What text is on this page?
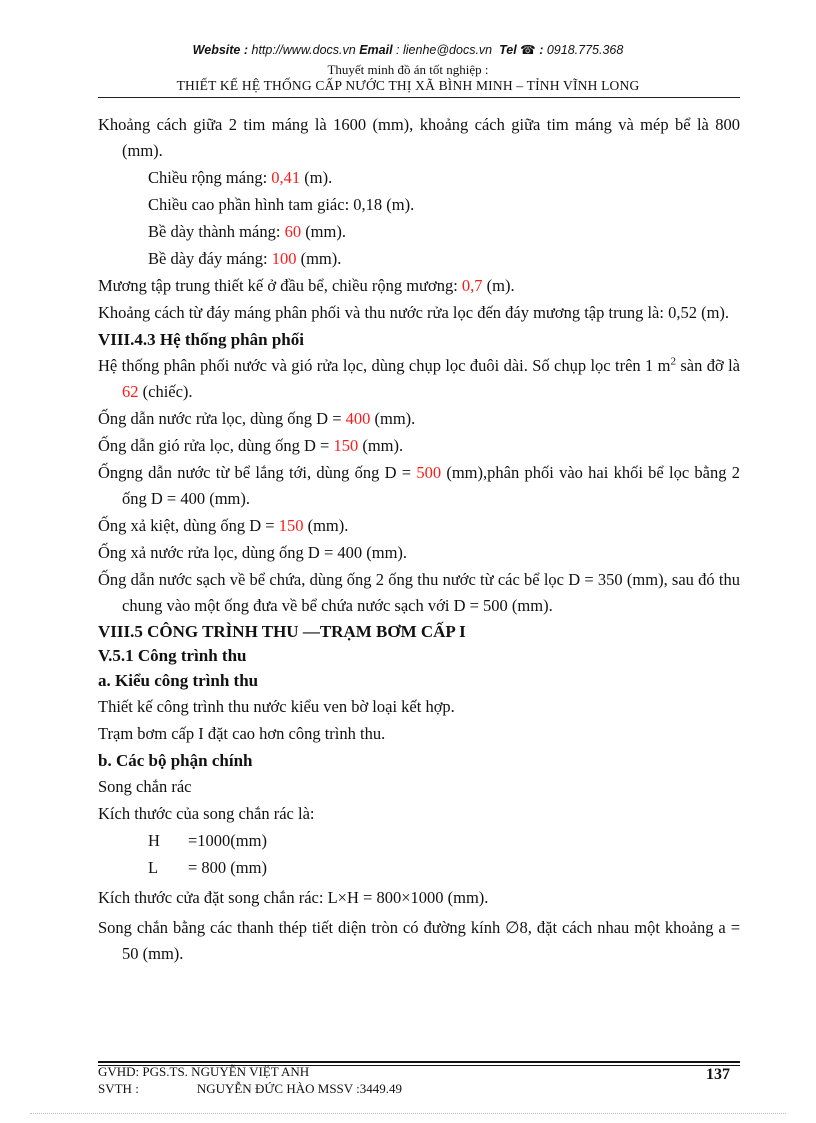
Website : http://www.docs.vn Email : lienhe@docs.vn Tel ☎ : 0918.775.368
Thuyết minh đồ án tốt nghiệp :
THIẾT KẾ HỆ THỐNG CẤP NƯỚC THỊ XÃ BÌNH MINH – TỈNH VĨNH LONG

Khoảng cách giữa 2 tim máng là 1600 (mm), khoảng cách giữa tim máng và mép bể là 800 (mm).

Chiều rộng máng: 0,41 (m).

Chiều cao phần hình tam giác: 0,18 (m).

Bề dày thành máng: 60 (mm).

Bề dày đáy máng: 100 (mm).

Mương tập trung thiết kế ở đầu bể, chiều rộng mương: 0,7 (m).

Khoảng cách từ đáy máng phân phối và thu nước rửa lọc đến đáy mương tập trung là: 0,52 (m).

VIII.4.3 Hệ thống phân phối

Hệ thống phân phối nước và gió rửa lọc, dùng chụp lọc đuôi dài. Số chụp lọc trên 1 $m^2$ sàn đỡ là 62 (chiếc).

Ống dẫn nước rửa lọc, dùng ống D = 400 (mm).

Ống dẫn gió rửa lọc, dùng ống D = 150 (mm).

Ốngng dẫn nước từ bể lắng tới, dùng ống D = 500 (mm),phân phối vào hai khối bể lọc bằng 2 ống D = 400 (mm).

Ống xả kiệt, dùng ống D = 150 (mm).

Ống xả nước rửa lọc, dùng ống D = 400 (mm).

Ống dẫn nước sạch về bể chứa, dùng ống 2 ống thu nước từ các bể lọc D = 350 (mm), sau đó thu chung vào một ống đưa về bể chứa nước sạch với D = 500 (mm).

VIII.5 CÔNG TRÌNH THU —TRẠM BƠM CẤP I

V.5.1 Công trình thu

a. Kiểu công trình thu

Thiết kế công trình thu nước kiểu ven bờ loại kết hợp.

Trạm bơm cấp I đặt cao hơn công trình thu.

b. Các bộ phận chính

Song chắn rác

Kích thước của song chắn rác là:

H =1000(mm)

L = 800 (mm)

Kích thước cửa đặt song chắn rác: L×H = 800×1000 (mm).

Song chắn bằng các thanh thép tiết diện tròn có đường kính ∅8, đặt cách nhau một khoảng a = 50 (mm).

GVHD: PGS.TS. NGUYỄN VIỆT ANH
SVTH :	NGUYỄN ĐỨC HÀO MSSV :3449.49
137
